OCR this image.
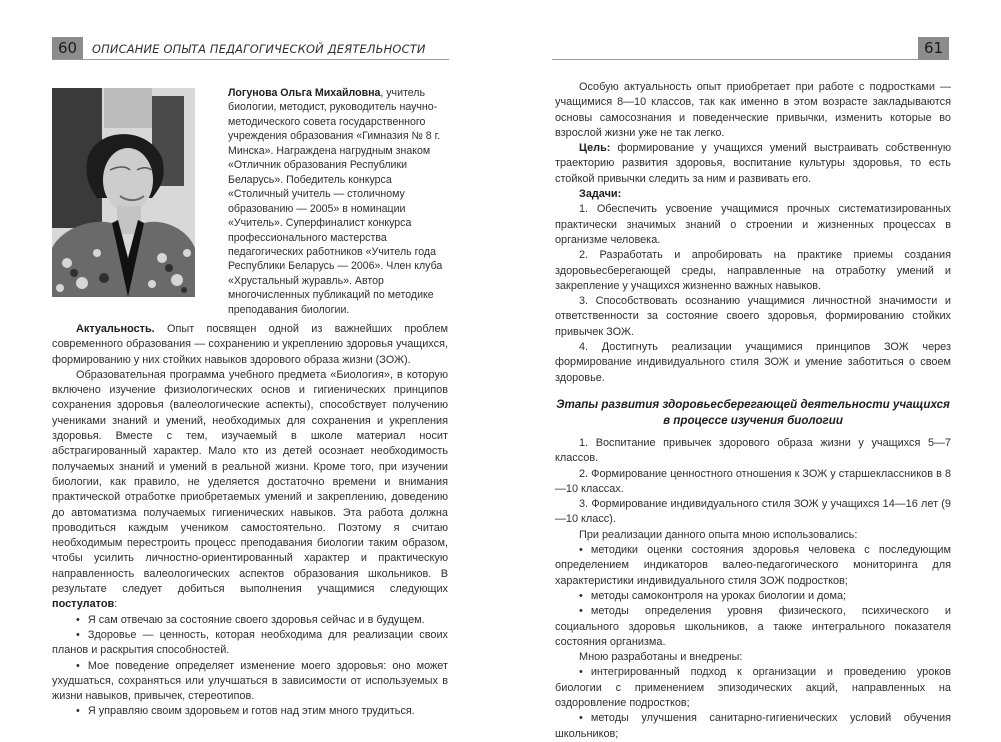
60	ОПИСАНИЕ ОПЫТА ПЕДАГОГИЧЕСКОЙ ДЕЯТЕЛЬНОСТИ
Логунова Ольга Михайловна, учитель биологии, методист, руководитель научно-методического совета государственного учреждения образования «Гимназия № 8 г. Минска». Награждена нагрудным знаком «Отличник образования Республики Беларусь». Победитель конкурса «Столичный учитель — столичному образованию — 2005» в номинации «Учитель». Суперфиналист конкурса профессионального мастерства педагогических работников «Учитель года Республики Беларусь — 2006». Член клуба «Хрустальный журавль». Автор многочисленных публикаций по методике преподавания биологии.

Актуальность. Опыт посвящен одной из важнейших проблем современного образования — сохранению и укреплению здоровья учащихся, формированию у них стойких навыков здорового образа жизни (ЗОЖ).

Образовательная программа учебного предмета «Биология», в которую включено изучение физиологических основ и гигиенических принципов сохранения здоровья (валеологические аспекты), способствует получению учениками знаний и умений, необходимых для сохранения и укрепления здоровья. Вместе с тем, изучаемый в школе материал носит абстрагированный характер. Мало кто из детей осознает необходимость получаемых знаний и умений в реальной жизни. Кроме того, при изучении биологии, как правило, не уделяется достаточно времени и внимания практической отработке приобретаемых умений и закреплению, доведению до автоматизма получаемых гигиенических навыков. Эта работа должна проводиться каждым учеником самостоятельно. Поэтому я считаю необходимым перестроить процесс преподавания биологии таким образом, чтобы усилить личностно-ориентированный характер и практическую направленность валеологических аспектов образования школьников. В результате следует добиться выполнения учащимися следующих постулатов:

• Я сам отвечаю за состояние своего здоровья сейчас и в будущем.

• Здоровье — ценность, которая необходима для реализации своих планов и раскрытия способностей.

• Мое поведение определяет изменение моего здоровья: оно может ухудшаться, сохраняться или улучшаться в зависимости от используемых в жизни навыков, привычек, стереотипов.

• Я управляю своим здоровьем и готов над этим много трудиться.

61

Особую актуальность опыт приобретает при работе с подростками — учащимися 8—10 классов, так как именно в этом возрасте закладываются основы самосознания и поведенческие привычки, изменить которые во взрослой жизни уже не так легко.

Цель: формирование у учащихся умений выстраивать собственную траекторию развития здоровья, воспитание культуры здоровья, то есть стойкой привычки следить за ним и развивать его.

Задачи:

1. Обеспечить усвоение учащимися прочных систематизированных практически значимых знаний о строении и жизненных процессах в организме человека.

2. Разработать и апробировать на практике приемы создания здоровьесберегающей среды, направленные на отработку умений и закрепление у учащихся жизненно важных навыков.

3. Способствовать осознанию учащимися личностной значимости и ответственности за состояние своего здоровья, формированию стойких привычек ЗОЖ.

4. Достигнуть реализации учащимися принципов ЗОЖ через формирование индивидуального стиля ЗОЖ и умение заботиться о своем здоровье.

Этапы развития здоровьесберегающей деятельности учащихся
в процессе изучения биологии

1. Воспитание привычек здорового образа жизни у учащихся 5—7 классов.

2. Формирование ценностного отношения к ЗОЖ у старшеклассников в 8—10 классах.

3. Формирование индивидуального стиля ЗОЖ у учащихся 14—16 лет (9—10 класс).

При реализации данного опыта мною использовались:

• методики оценки состояния здоровья человека с последующим определением индикаторов валео-педагогического мониторинга для характеристики индивидуального стиля ЗОЖ подростков;

• методы самоконтроля на уроках биологии и дома;

• методы определения уровня физического, психического и социального здоровья школьников, а также интегрального показателя состояния организма.

Мною разработаны и внедрены:

• интегрированный подход к организации и проведению уроков биологии с применением эпизодических акций, направленных на оздоровление подростков;

• методы улучшения санитарно-гигиенических условий обучения школьников;
